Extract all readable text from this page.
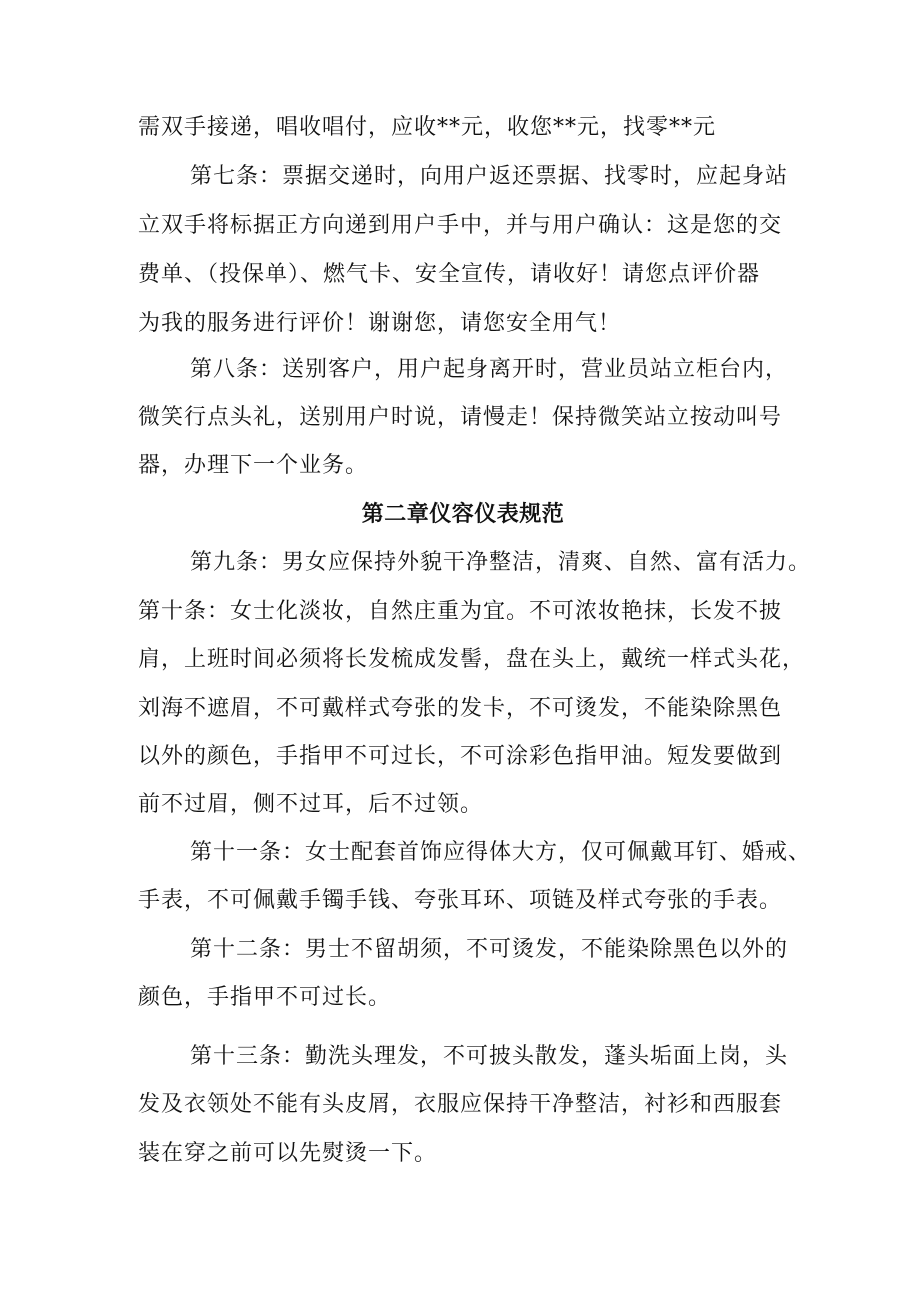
需双手接递，唱收唱付，应收**元，收您**元，找零**元
第七条：票据交递时，向用户返还票据、找零时，应起身站
立双手将标据正方向递到用户手中，并与用户确认：这是您的交
费单、（投保单）、燃气卡、安全宣传，请收好！请您点评价器
为我的服务进行评价！谢谢您，请您安全用气！
第八条：送别客户，用户起身离开时，营业员站立柜台内，
微笑行点头礼，送别用户时说，请慢走！保持微笑站立按动叫号
器，办理下一个业务。
第二章仪容仪表规范
第九条：男女应保持外貌干净整洁，清爽、自然、富有活力。
第十条：女士化淡妆，自然庄重为宜。不可浓妆艳抹，长发不披
肩，上班时间必须将长发梳成发髻，盘在头上，戴统一样式头花，
刘海不遮眉，不可戴样式夸张的发卡，不可烫发，不能染除黑色
以外的颜色，手指甲不可过长，不可涂彩色指甲油。短发要做到
前不过眉，侧不过耳，后不过领。
第十一条：女士配套首饰应得体大方，仅可佩戴耳钉、婚戒、
手表，不可佩戴手镯手钱、夸张耳环、项链及样式夸张的手表。
第十二条：男士不留胡须，不可烫发，不能染除黑色以外的
颜色，手指甲不可过长。
第十三条：勤洗头理发，不可披头散发，蓬头垢面上岗，头
发及衣领处不能有头皮屑，衣服应保持干净整洁，衬衫和西服套
装在穿之前可以先熨烫一下。
